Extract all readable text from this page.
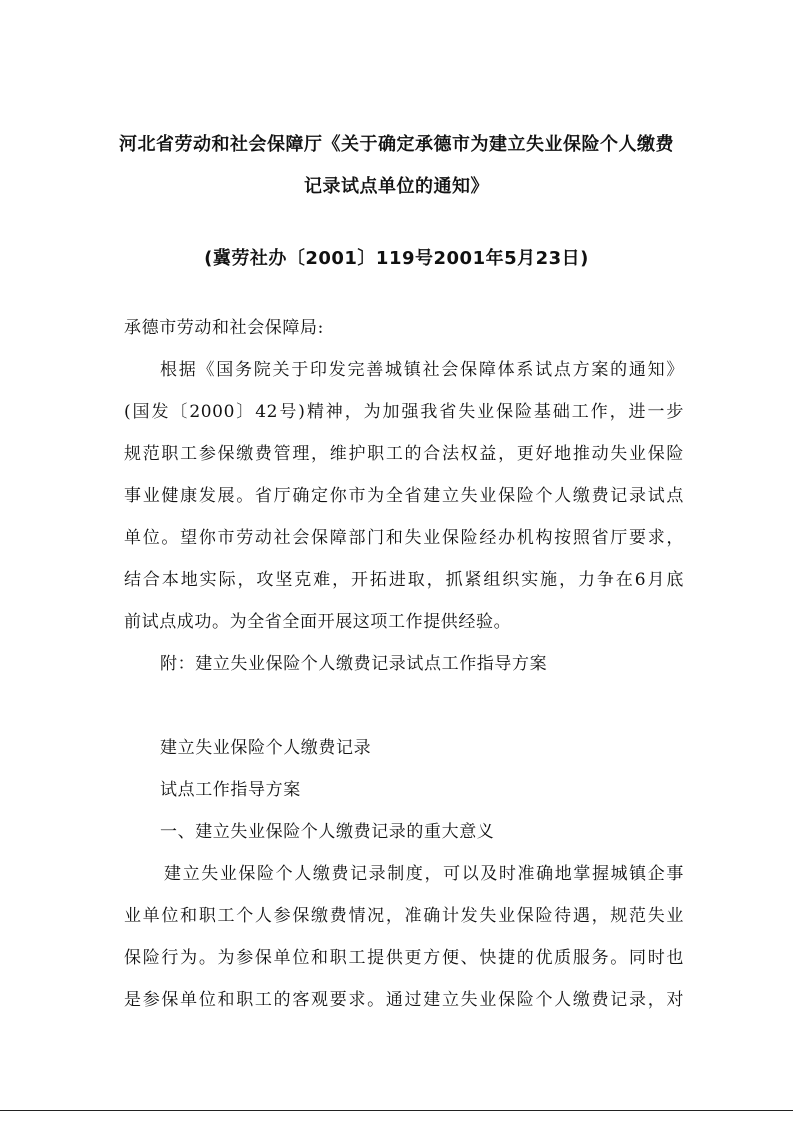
河北省劳动和社会保障厅《关于确定承德市为建立失业保险个人缴费
记录试点单位的通知》
(冀劳社办〔2001〕119号2001年5月23日)
承德市劳动和社会保障局:
根据《国务院关于印发完善城镇社会保障体系试点方案的通知》
(国发〔2000〕42号)精神，为加强我省失业保险基础工作，进一步
规范职工参保缴费管理，维护职工的合法权益，更好地推动失业保险
事业健康发展。省厅确定你市为全省建立失业保险个人缴费记录试点
单位。望你市劳动社会保障部门和失业保险经办机构按照省厅要求，
结合本地实际，攻坚克难，开拓进取，抓紧组织实施，力争在6月底
前试点成功。为全省全面开展这项工作提供经验。
附：建立失业保险个人缴费记录试点工作指导方案
建立失业保险个人缴费记录
试点工作指导方案
一、建立失业保险个人缴费记录的重大意义
建立失业保险个人缴费记录制度，可以及时准确地掌握城镇企事
业单位和职工个人参保缴费情况，准确计发失业保险待遇，规范失业
保险行为。为参保单位和职工提供更方便、快捷的优质服务。同时也
是参保单位和职工的客观要求。通过建立失业保险个人缴费记录，对
